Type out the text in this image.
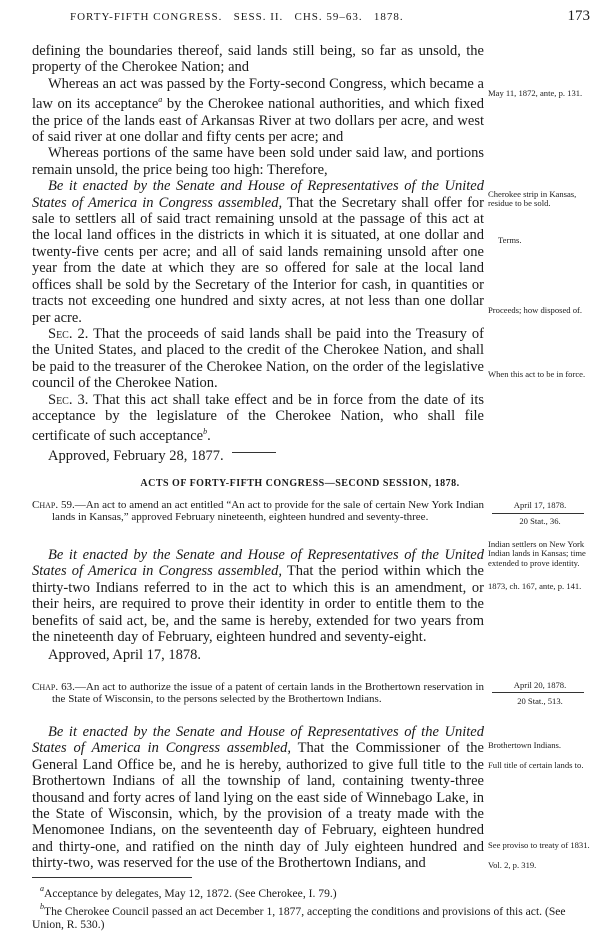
FORTY-FIFTH CONGRESS.   SESS. II.   CHS. 59–63.   1878.	173

defining the boundaries thereof, said lands still being, so far as unsold, the property of the Cherokee Nation; and

Whereas an act was passed by the Forty-second Congress, which became a law on its acceptance$^a$ by the Cherokee national authorities, and which fixed the price of the lands east of Arkansas River at two dollars per acre, and west of said river at one dollar and fifty cents per acre; and

Whereas portions of the same have been sold under said law, and portions remain unsold, the price being too high: Therefore,

Be it enacted by the Senate and House of Representatives of the United States of America in Congress assembled, That the Secretary shall offer for sale to settlers all of said tract remaining unsold at the passage of this act at the local land offices in the districts in which it is situated, at one dollar and twenty-five cents per acre; and all of said lands remaining unsold after one year from the date at which they are so offered for sale at the local land offices shall be sold by the Secretary of the Interior for cash, in quantities or tracts not exceeding one hundred and sixty acres, at not less than one dollar per acre.

Sec. 2. That the proceeds of said lands shall be paid into the Treasury of the United States, and placed to the credit of the Cherokee Nation, and shall be paid to the treasurer of the Cherokee Nation, on the order of the legislative council of the Cherokee Nation.

Sec. 3. That this act shall take effect and be in force from the date of its acceptance by the legislature of the Cherokee Nation, who shall file certificate of such acceptance$^b$.

Approved, February 28, 1877.

May 11, 1872, ante, p. 131.
Cherokee strip in Kansas, residue to be sold.
Terms.
Proceeds; how disposed of.
When this act to be in force.
ACTS OF FORTY-FIFTH CONGRESS—SECOND SESSION, 1878.

Chap. 59.—An act to amend an act entitled “An act to provide for the sale of certain New York Indian lands in Kansas,” approved February nineteenth, eighteen hundred and seventy-three.

April 17, 1878.
20 Stat., 36.

Be it enacted by the Senate and House of Representatives of the United States of America in Congress assembled, That the period within which the thirty-two Indians referred to in the act to which this is an amendment, or their heirs, are required to prove their identity in order to entitle them to the benefits of said act, be, and the same is hereby, extended for two years from the nineteenth day of February, eighteen hundred and seventy-eight.

Approved, April 17, 1878.

Indian settlers on New York Indian lands in Kansas; time extended to prove identity.
1873, ch. 167, ante, p. 141.

Chap. 63.—An act to authorize the issue of a patent of certain lands in the Brothertown reservation in the State of Wisconsin, to the persons selected by the Brothertown Indians.

April 20, 1878.
20 Stat., 513.

Be it enacted by the Senate and House of Representatives of the United States of America in Congress assembled, That the Commissioner of the General Land Office be, and he is hereby, authorized to give full title to the Brothertown Indians of all the township of land, containing twenty-three thousand and forty acres of land lying on the east side of Winnebago Lake, in the State of Wisconsin, which, by the provision of a treaty made with the Menomonee Indians, on the seventeenth day of February, eighteen hundred and thirty-one, and ratified on the ninth day of July eighteen hundred and thirty-two, was reserved for the use of the Brothertown Indians, and

Brothertown Indians.
Full title of certain lands to.
See proviso to treaty of 1831.
Vol. 2, p. 319.

$^a$Acceptance by delegates, May 12, 1872. (See Cherokee, I. 79.)

$^b$The Cherokee Council passed an act December 1, 1877, accepting the conditions and provisions of this act. (See Union, R. 530.)
